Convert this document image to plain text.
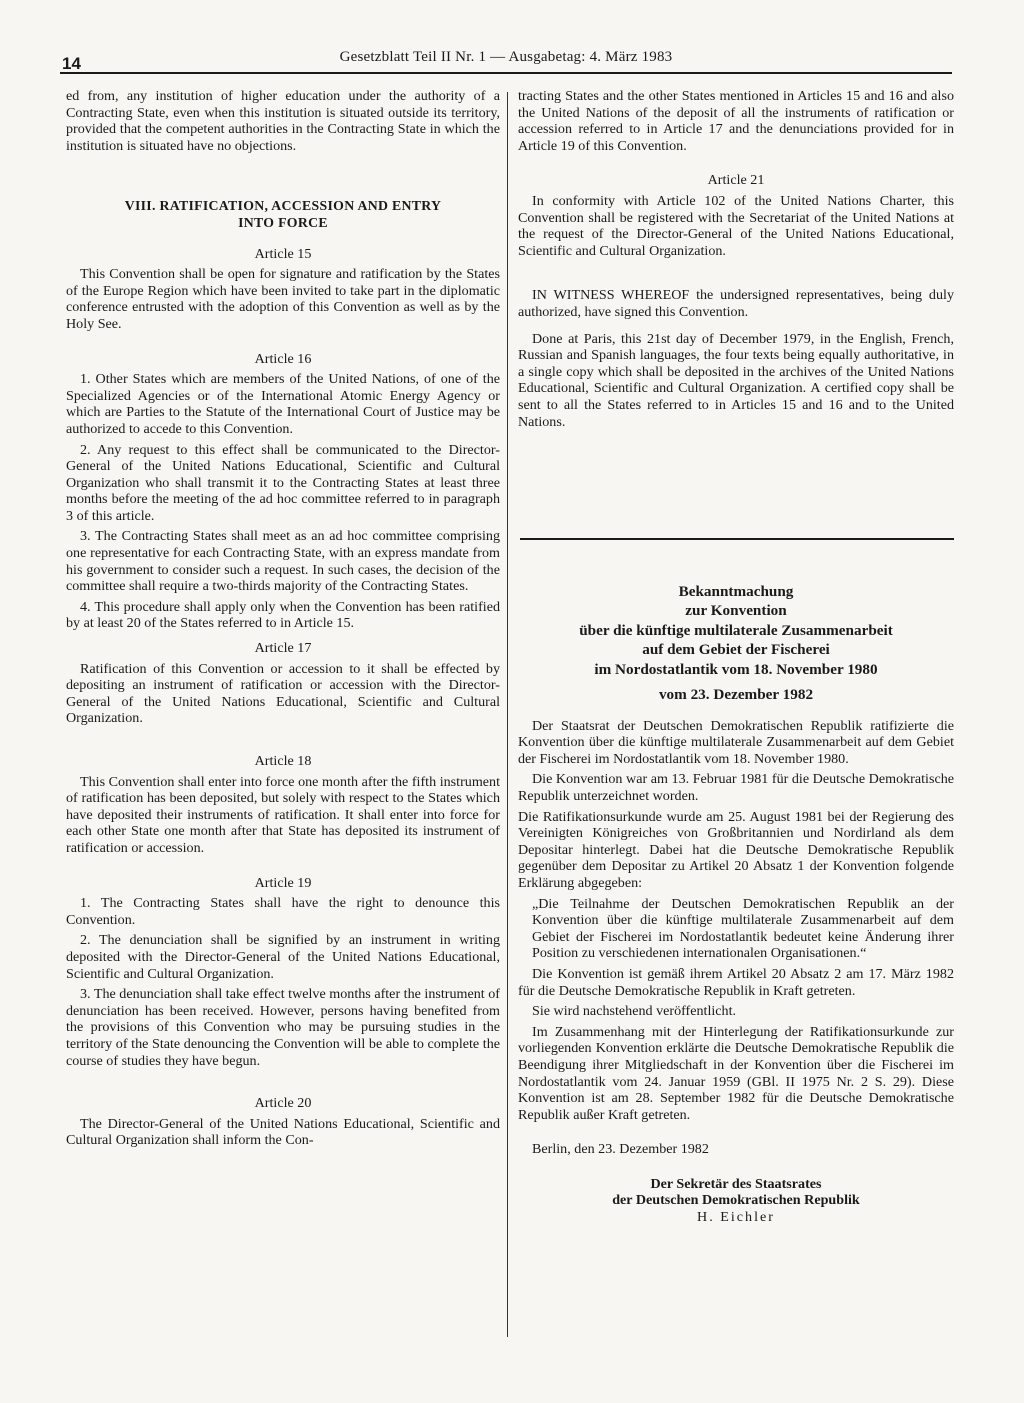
14	Gesetzblatt Teil II Nr. 1 — Ausgabetag: 4. März 1983

ed from, any institution of higher education under the authority of a Contracting State, even when this institution is situated outside its territory, provided that the competent authorities in the Contracting State in which the institution is situated have no objections.

VIII. RATIFICATION, ACCESSION AND ENTRY
INTO FORCE

Article 15

This Convention shall be open for signature and ratification by the States of the Europe Region which have been invited to take part in the diplomatic conference entrusted with the adoption of this Convention as well as by the Holy See.

Article 16

1. Other States which are members of the United Nations, of one of the Specialized Agencies or of the International Atomic Energy Agency or which are Parties to the Statute of the International Court of Justice may be authorized to accede to this Convention.

2. Any request to this effect shall be communicated to the Director-General of the United Nations Educational, Scientific and Cultural Organization who shall transmit it to the Contracting States at least three months before the meeting of the ad hoc committee referred to in paragraph 3 of this article.

3. The Contracting States shall meet as an ad hoc committee comprising one representative for each Contracting State, with an express mandate from his government to consider such a request. In such cases, the decision of the committee shall require a two-thirds majority of the Contracting States.

4. This procedure shall apply only when the Convention has been ratified by at least 20 of the States referred to in Article 15.

Article 17

Ratification of this Convention or accession to it shall be effected by depositing an instrument of ratification or accession with the Director-General of the United Nations Educational, Scientific and Cultural Organization.

Article 18

This Convention shall enter into force one month after the fifth instrument of ratification has been deposited, but solely with respect to the States which have deposited their instruments of ratification. It shall enter into force for each other State one month after that State has deposited its instrument of ratification or accession.

Article 19

1. The Contracting States shall have the right to denounce this Convention.

2. The denunciation shall be signified by an instrument in writing deposited with the Director-General of the United Nations Educational, Scientific and Cultural Organization.

3. The denunciation shall take effect twelve months after the instrument of denunciation has been received. However, persons having benefited from the provisions of this Convention who may be pursuing studies in the territory of the State denouncing the Convention will be able to complete the course of studies they have begun.

Article 20

The Director-General of the United Nations Educational, Scientific and Cultural Organization shall inform the Con-

tracting States and the other States mentioned in Articles 15 and 16 and also the United Nations of the deposit of all the instruments of ratification or accession referred to in Article 17 and the denunciations provided for in Article 19 of this Convention.

Article 21

In conformity with Article 102 of the United Nations Charter, this Convention shall be registered with the Secretariat of the United Nations at the request of the Director-General of the United Nations Educational, Scientific and Cultural Organization.

IN WITNESS WHEREOF the undersigned representatives, being duly authorized, have signed this Convention.

Done at Paris, this 21st day of December 1979, in the English, French, Russian and Spanish languages, the four texts being equally authoritative, in a single copy which shall be deposited in the archives of the United Nations Educational, Scientific and Cultural Organization. A certified copy shall be sent to all the States referred to in Articles 15 and 16 and to the United Nations.

Bekanntmachung

zur Konvention

über die künftige multilaterale Zusammenarbeit

auf dem Gebiet der Fischerei

im Nordostatlantik vom 18. November 1980

vom 23. Dezember 1982

Der Staatsrat der Deutschen Demokratischen Republik ratifizierte die Konvention über die künftige multilaterale Zusammenarbeit auf dem Gebiet der Fischerei im Nordostatlantik vom 18. November 1980.

Die Konvention war am 13. Februar 1981 für die Deutsche Demokratische Republik unterzeichnet worden.

Die Ratifikationsurkunde wurde am 25. August 1981 bei der Regierung des Vereinigten Königreiches von Großbritannien und Nordirland als dem Depositar hinterlegt. Dabei hat die Deutsche Demokratische Republik gegenüber dem Depositar zu Artikel 20 Absatz 1 der Konvention folgende Erklärung abgegeben:

„Die Teilnahme der Deutschen Demokratischen Republik an der Konvention über die künftige multilaterale Zusammenarbeit auf dem Gebiet der Fischerei im Nordostatlantik bedeutet keine Änderung ihrer Position zu verschiedenen internationalen Organisationen.“

Die Konvention ist gemäß ihrem Artikel 20 Absatz 2 am 17. März 1982 für die Deutsche Demokratische Republik in Kraft getreten.

Sie wird nachstehend veröffentlicht.

Im Zusammenhang mit der Hinterlegung der Ratifikationsurkunde zur vorliegenden Konvention erklärte die Deutsche Demokratische Republik die Beendigung ihrer Mitgliedschaft in der Konvention über die Fischerei im Nordostatlantik vom 24. Januar 1959 (GBl. II 1975 Nr. 2 S. 29). Diese Konvention ist am 28. September 1982 für die Deutsche Demokratische Republik außer Kraft getreten.

Berlin, den 23. Dezember 1982

Der Sekretär des Staatsrates

der Deutschen Demokratischen Republik

H. Eichler
